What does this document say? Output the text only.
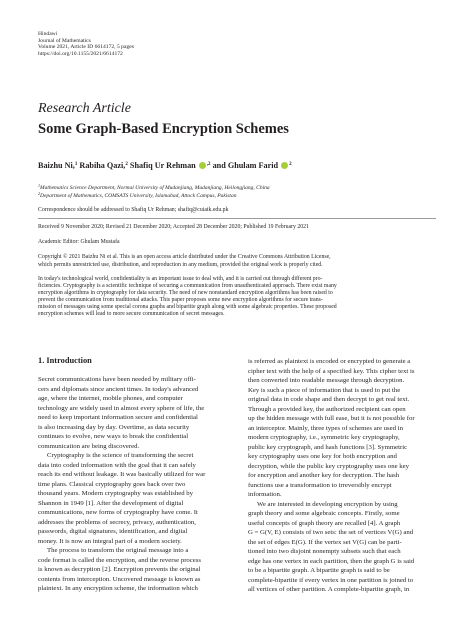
Hindawi
Journal of Mathematics
Volume 2021, Article ID 6614172, 5 pages
https://doi.org/10.1155/2021/6614172
Research Article
Some Graph-Based Encryption Schemes
Baizhu Ni,$^1$ Rabiha Qazi,$^2$ Shafiq Ur Rehman $^{,2}$ and Ghulam Farid $^2$
$^1$Mathematics Science Department, Normal University of Mudanjiang, Mudanjiang, Heilongjiang, China
$^2$Department of Mathematics, COMSATS University, Islamabad, Attock Campus, Pakistan
Correspondence should be addressed to Shafiq Ur Rehman; shafiq@cuiatk.edu.pk
Received 9 November 2020; Revised 21 December 2020; Accepted 28 December 2020; Published 19 February 2021
Academic Editor: Ghulam Mustafa
Copyright © 2021 Baizhu Ni et al. This is an open access article distributed under the Creative Commons Attribution License,
which permits unrestricted use, distribution, and reproduction in any medium, provided the original work is properly cited.
In today's technological world, confidentiality is an important issue to deal with, and it is carried out through different pro-
ficiencies. Cryptography is a scientific technique of securing a communication from unauthenticated approach. There exist many
encryption algorithms in cryptography for data security. The need of new nonstandard encryption algorithms has been raised to
prevent the communication from traditional attacks. This paper proposes some new encryption algorithms for secure trans-
mission of messages using some special corona graphs and bipartite graph along with some algebraic properties. These proposed
encryption schemes will lead to more secure communication of secret messages.
1. Introduction
Secret communications have been needed by military offi-
cers and diplomats since ancient times. In today's advanced
age, where the internet, mobile phones, and computer
technology are widely used in almost every sphere of life, the
need to keep important information secure and confidential
is also increasing day by day. Overtime, as data security
continues to evolve, new ways to break the confidential
communication are being discovered.
Cryptography is the science of transforming the secret
data into coded information with the goal that it can safely
reach its end without leakage. It was basically utilized for war
time plans. Classical cryptography goes back over two
thousand years. Modern cryptography was established by
Shannon in 1949 [1]. After the development of digital
communications, new forms of cryptography have come. It
addresses the problems of secrecy, privacy, authentication,
passwords, digital signatures, identification, and digital
money. It is now an integral part of a modern society.
The process to transform the original message into a
code format is called the encryption, and the reverse process
is known as decryption [2]. Encryption prevents the original
contents from interception. Uncovered message is known as
plaintext. In any encryption scheme, the information which
is referred as plaintext is encoded or encrypted to generate a
cipher text with the help of a specified key. This cipher text is
then converted into readable message through decryption.
Key is such a piece of information that is used to put the
original data in code shape and then decrypt to get real text.
Through a provided key, the authorized recipient can open
up the hidden message with full ease, but it is not possible for
an interceptor. Mainly, three types of schemes are used in
modern cryptography, i.e., symmetric key cryptography,
public key cryptograph, and hash functions [3]. Symmetric
key cryptography uses one key for both encryption and
decryption, while the public key cryptography uses one key
for encryption and another key for decryption. The hash
functions use a transformation to irreversibly encrypt
information.
We are interested in developing encryption by using
graph theory and some algebraic concepts. Firstly, some
useful concepts of graph theory are recalled [4]. A graph
G = G(V, E) consists of two sets: the set of vertices V(G) and
the set of edges E(G). If the vertex set V(G) can be parti-
tioned into two disjoint nonempty subsets such that each
edge has one vertex in each partition, then the graph G is said
to be a bipartite graph. A bipartite graph is said to be
complete-bipartite if every vertex in one partition is joined to
all vertices of other partition. A complete-bipartite graph, in
